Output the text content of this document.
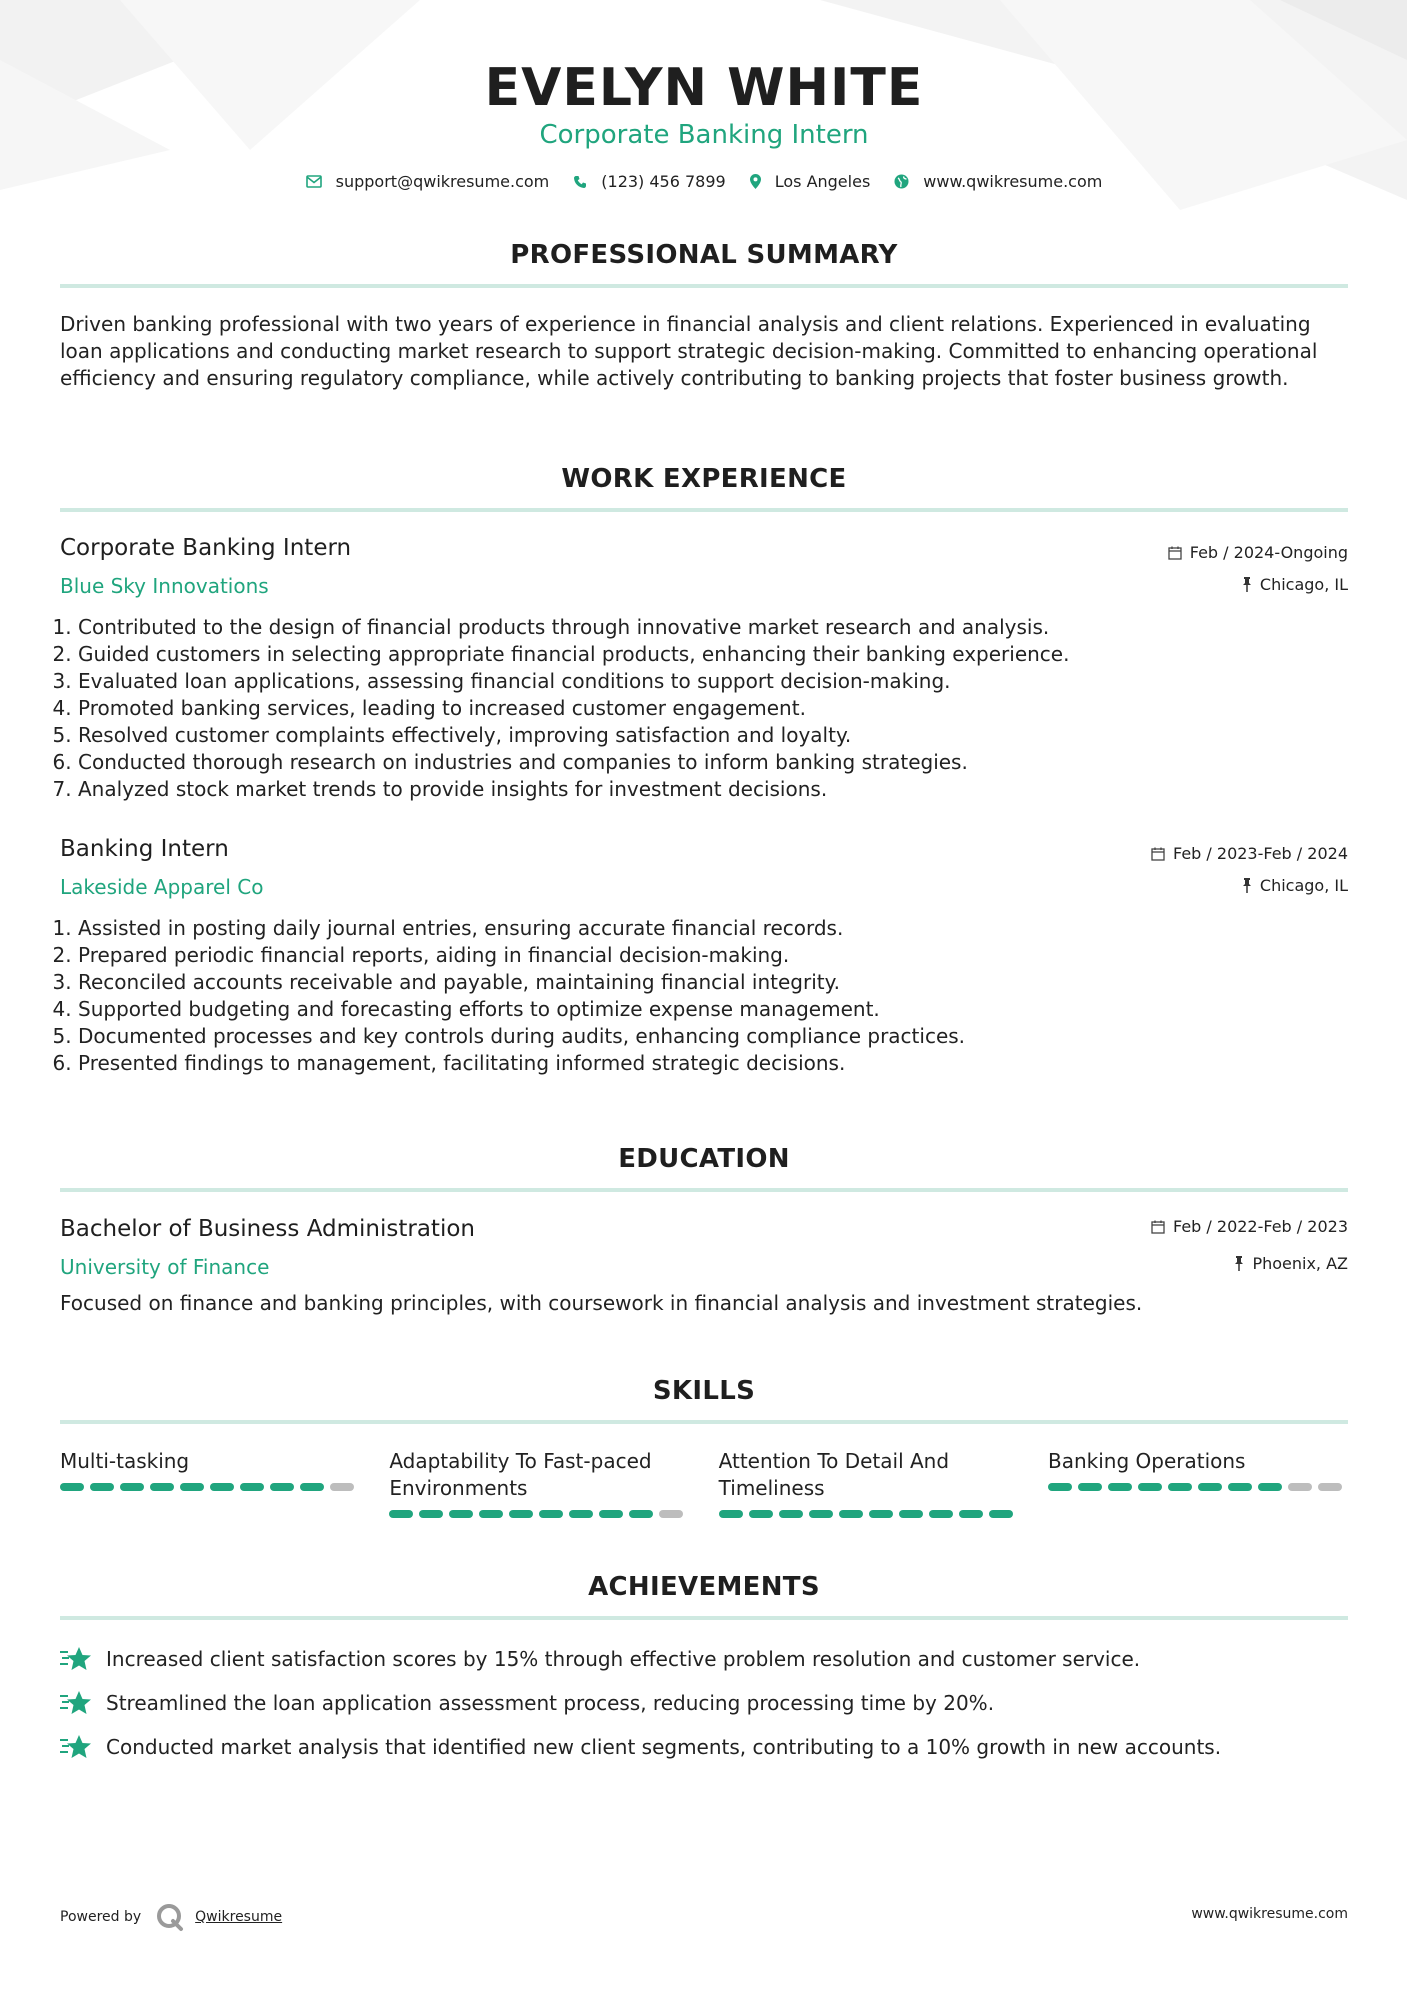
EVELYN WHITE
Corporate Banking Intern
support@qwikresume.com	(123) 456 7899	Los Angeles	www.qwikresume.com
PROFESSIONAL SUMMARY
Driven banking professional with two years of experience in financial analysis and client relations. Experienced in evaluating loan applications and conducting market research to support strategic decision-making. Committed to enhancing operational efficiency and ensuring regulatory compliance, while actively contributing to banking projects that foster business growth.
WORK EXPERIENCE
Corporate Banking Intern
Blue Sky Innovations
Feb / 2024-Ongoing
Chicago, IL
1. Contributed to the design of financial products through innovative market research and analysis.
2. Guided customers in selecting appropriate financial products, enhancing their banking experience.
3. Evaluated loan applications, assessing financial conditions to support decision-making.
4. Promoted banking services, leading to increased customer engagement.
5. Resolved customer complaints effectively, improving satisfaction and loyalty.
6. Conducted thorough research on industries and companies to inform banking strategies.
7. Analyzed stock market trends to provide insights for investment decisions.
Banking Intern
Lakeside Apparel Co
Feb / 2023-Feb / 2024
Chicago, IL
1. Assisted in posting daily journal entries, ensuring accurate financial records.
2. Prepared periodic financial reports, aiding in financial decision-making.
3. Reconciled accounts receivable and payable, maintaining financial integrity.
4. Supported budgeting and forecasting efforts to optimize expense management.
5. Documented processes and key controls during audits, enhancing compliance practices.
6. Presented findings to management, facilitating informed strategic decisions.
EDUCATION
Bachelor of Business Administration
University of Finance
Feb / 2022-Feb / 2023
Phoenix, AZ
Focused on finance and banking principles, with coursework in financial analysis and investment strategies.
SKILLS
Multi-tasking	Adaptability To Fast-paced Environments
Attention To Detail And Timeliness
Banking Operations
ACHIEVEMENTS
Increased client satisfaction scores by 15% through effective problem resolution and customer service.
Streamlined the loan application assessment process, reducing processing time by 20%.
Conducted market analysis that identified new client segments, contributing to a 10% growth in new accounts.
Powered by	Qwikresume	www.qwikresume.com
